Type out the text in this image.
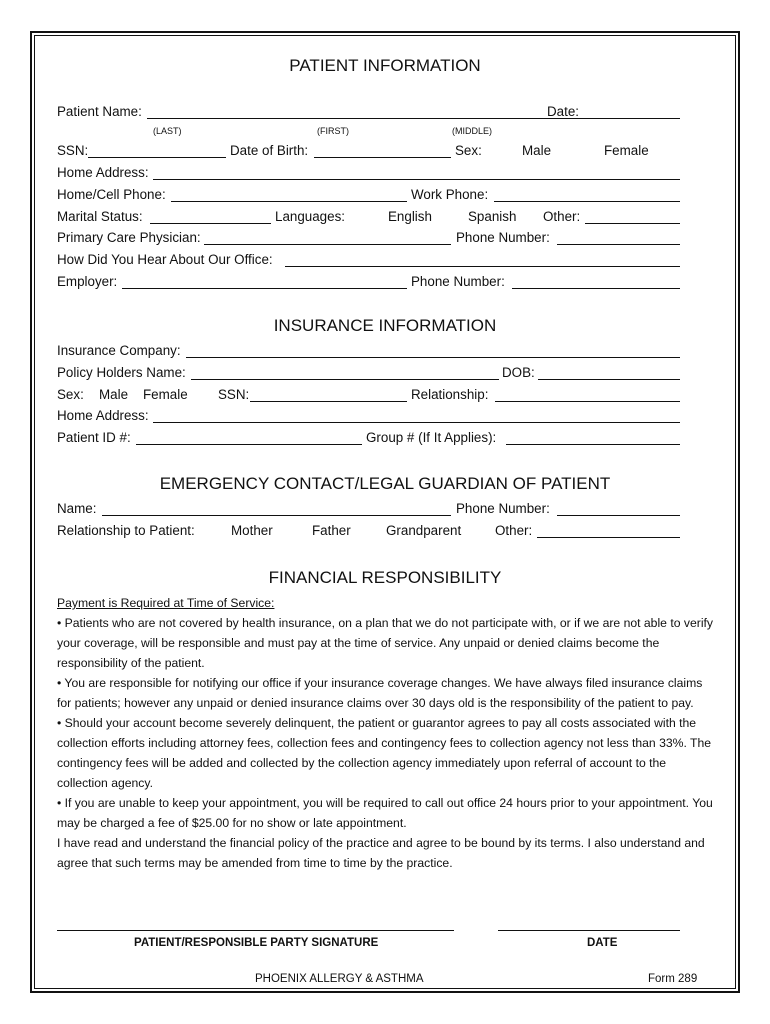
PATIENT INFORMATION
Patient Name:	Date:
(LAST)	(FIRST)	(MIDDLE)
SSN:	Date of Birth:	Sex:	Male	Female
Home Address:
Home/Cell Phone:	Work Phone:
Marital Status:	Languages:	English	Spanish Other:
Primary Care Physician:	Phone Number:
How Did You Hear About Our Office:
Employer:	Phone Number:
INSURANCE INFORMATION
Insurance Company:
Policy Holders Name:	DOB:
Sex: Male Female SSN:	Relationship:
Home Address:
Patient ID #:	Group # (If It Applies):
EMERGENCY CONTACT/LEGAL GUARDIAN OF PATIENT
Name:	Phone Number:
Relationship to Patient:	Mother	Father	Grandparent	Other:
FINANCIAL RESPONSIBILITY

Payment is Required at Time of Service:

• Patients who are not covered by health insurance, on a plan that we do not participate with, or if we are not able to verify your coverage, will be responsible and must pay at the time of service. Any unpaid or denied claims become the responsibility of the patient.

• You are responsible for notifying our office if your insurance coverage changes. We have always filed insurance claims for patients; however any unpaid or denied insurance claims over 30 days old is the responsibility of the patient to pay.

• Should your account become severely delinquent, the patient or guarantor agrees to pay all costs associated with the collection efforts including attorney fees, collection fees and contingency fees to collection agency not less than 33%. The contingency fees will be added and collected by the collection agency immediately upon referral of account to the collection agency.

• If you are unable to keep your appointment, you will be required to call out office 24 hours prior to your appointment. You may be charged a fee of $25.00 for no show or late appointment.

I have read and understand the financial policy of the practice and agree to be bound by its terms. I also understand and agree that such terms may be amended from time to time by the practice.

PATIENT/RESPONSIBLE PARTY SIGNATURE	DATE
PHOENIX ALLERGY & ASTHMA	Form 289
